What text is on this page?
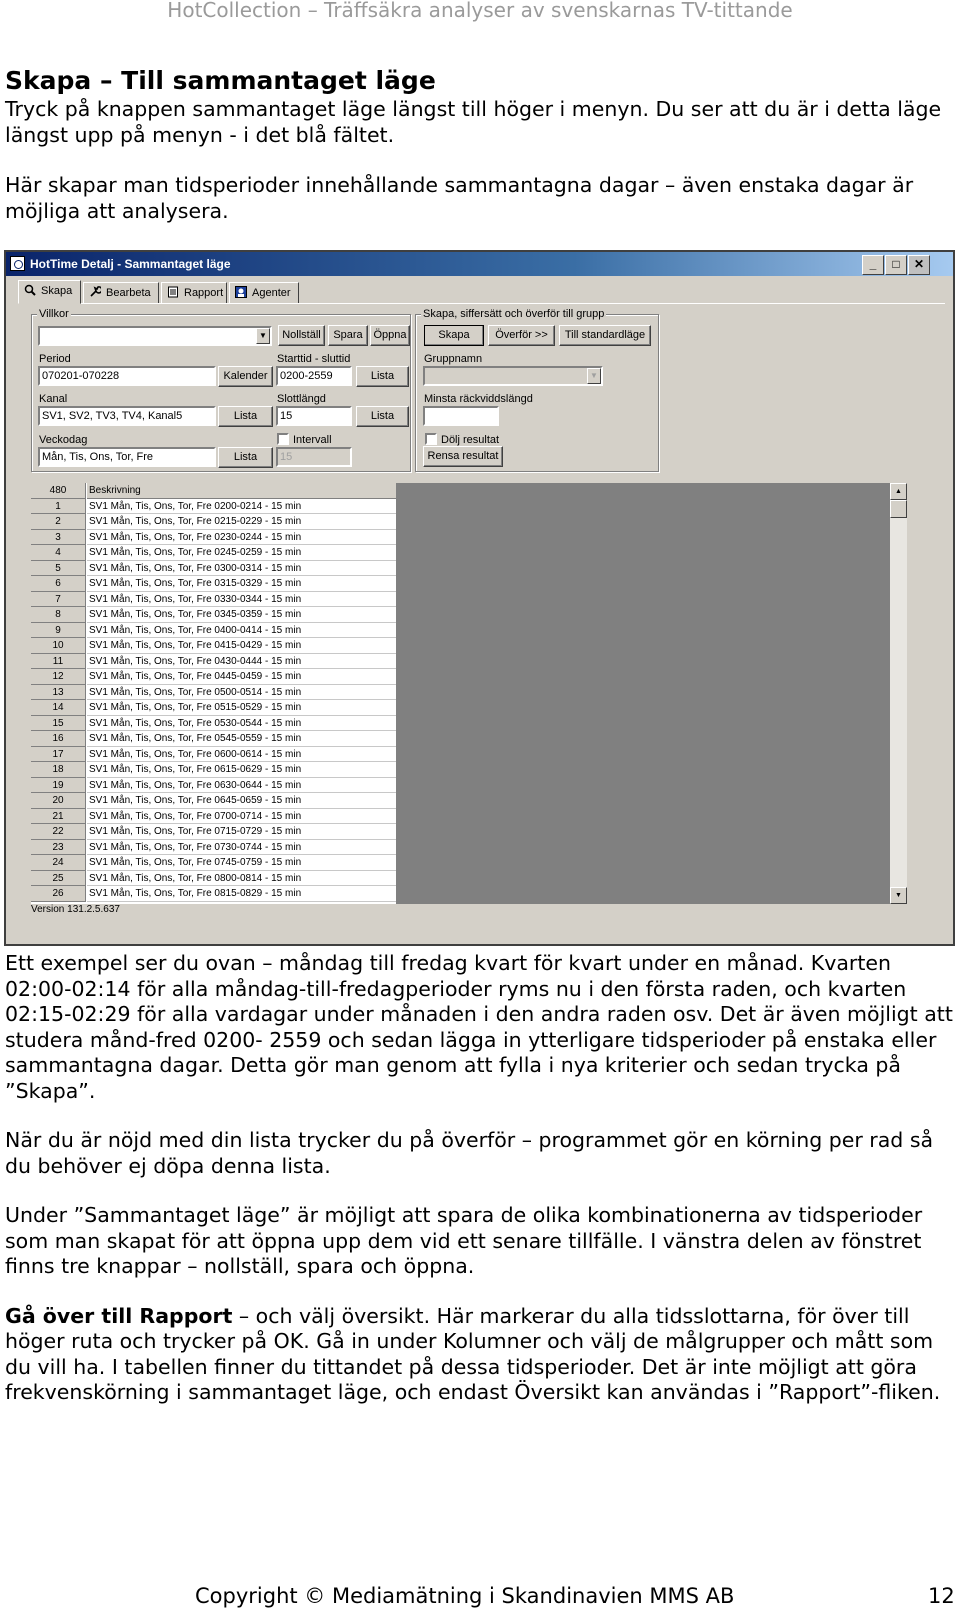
HotCollection – Träffsäkra analyser av svenskarnas TV-tittande
Skapa – Till sammantaget läge

Tryck på knappen sammantaget läge längst till höger i menyn. Du ser att du är i detta läge längst upp på menyn - i det blå fältet.

Här skapar man tidsperioder innehållande sammantagna dagar – även enstaka dagar är möjliga att analysera.

HotTime Detalj - Sammantaget läge	_	□	✕
Skapa	Bearbeta	Rapport	Agenter
Villkor
▼	Nollställ	Spara Öppna
Period
070201-070228	Kalender
Starttid - sluttid
0200-2559	Lista
Kanal
SV1, SV2, TV3, TV4, Kanal5	Lista
Slottlängd
15	Lista
Veckodag
Mån, Tis, Ons, Tor, Fre	Lista
Intervall
15
Skapa, siffersätt och överför till grupp
Skapa	Överför >>	Till standardläge
Gruppnamn
▼
Minsta räckviddslängd
Dölj resultat
Rensa resultat
480	Beskrivning
1	SV1 Mån, Tis, Ons, Tor, Fre 0200-0214 - 15 min
2	SV1 Mån, Tis, Ons, Tor, Fre 0215-0229 - 15 min
3	SV1 Mån, Tis, Ons, Tor, Fre 0230-0244 - 15 min
4	SV1 Mån, Tis, Ons, Tor, Fre 0245-0259 - 15 min
5	SV1 Mån, Tis, Ons, Tor, Fre 0300-0314 - 15 min
6	SV1 Mån, Tis, Ons, Tor, Fre 0315-0329 - 15 min
7	SV1 Mån, Tis, Ons, Tor, Fre 0330-0344 - 15 min
8	SV1 Mån, Tis, Ons, Tor, Fre 0345-0359 - 15 min
9	SV1 Mån, Tis, Ons, Tor, Fre 0400-0414 - 15 min
10	SV1 Mån, Tis, Ons, Tor, Fre 0415-0429 - 15 min
11	SV1 Mån, Tis, Ons, Tor, Fre 0430-0444 - 15 min
12	SV1 Mån, Tis, Ons, Tor, Fre 0445-0459 - 15 min
13	SV1 Mån, Tis, Ons, Tor, Fre 0500-0514 - 15 min
14	SV1 Mån, Tis, Ons, Tor, Fre 0515-0529 - 15 min
15	SV1 Mån, Tis, Ons, Tor, Fre 0530-0544 - 15 min
16	SV1 Mån, Tis, Ons, Tor, Fre 0545-0559 - 15 min
17	SV1 Mån, Tis, Ons, Tor, Fre 0600-0614 - 15 min
18	SV1 Mån, Tis, Ons, Tor, Fre 0615-0629 - 15 min
19	SV1 Mån, Tis, Ons, Tor, Fre 0630-0644 - 15 min
20	SV1 Mån, Tis, Ons, Tor, Fre 0645-0659 - 15 min
21	SV1 Mån, Tis, Ons, Tor, Fre 0700-0714 - 15 min
22	SV1 Mån, Tis, Ons, Tor, Fre 0715-0729 - 15 min
23	SV1 Mån, Tis, Ons, Tor, Fre 0730-0744 - 15 min
24	SV1 Mån, Tis, Ons, Tor, Fre 0745-0759 - 15 min
25	SV1 Mån, Tis, Ons, Tor, Fre 0800-0814 - 15 min
26	SV1 Mån, Tis, Ons, Tor, Fre 0815-0829 - 15 min
▲
▼
Version 131.2.5.637

Ett exempel ser du ovan – måndag till fredag kvart för kvart under en månad. Kvarten 02:00-02:14 för alla måndag-till-fredagperioder ryms nu i den första raden, och kvarten 02:15-02:29 för alla vardagar under månaden i den andra raden osv. Det är även möjligt att studera månd-fred 0200- 2559 och sedan lägga in ytterligare tidsperioder på enstaka eller sammantagna dagar. Detta gör man genom att fylla i nya kriterier och sedan trycka på ”Skapa”.

När du är nöjd med din lista trycker du på överför – programmet gör en körning per rad så du behöver ej döpa denna lista.

Under ”Sammantaget läge” är möjligt att spara de olika kombinationerna av tidsperioder som man skapat för att öppna upp dem vid ett senare tillfälle. I vänstra delen av fönstret finns tre knappar – nollställ, spara och öppna.

Gå över till Rapport – och välj översikt. Här markerar du alla tidsslottarna, för över till höger ruta och trycker på OK. Gå in under Kolumner och välj de målgrupper och mått som du vill ha. I tabellen finner du tittandet på dessa tidsperioder. Det är inte möjligt att göra frekvenskörning i sammantaget läge, och endast Översikt kan användas i ”Rapport”-fliken.

Copyright © Mediamätning i Skandinavien MMS AB	12
